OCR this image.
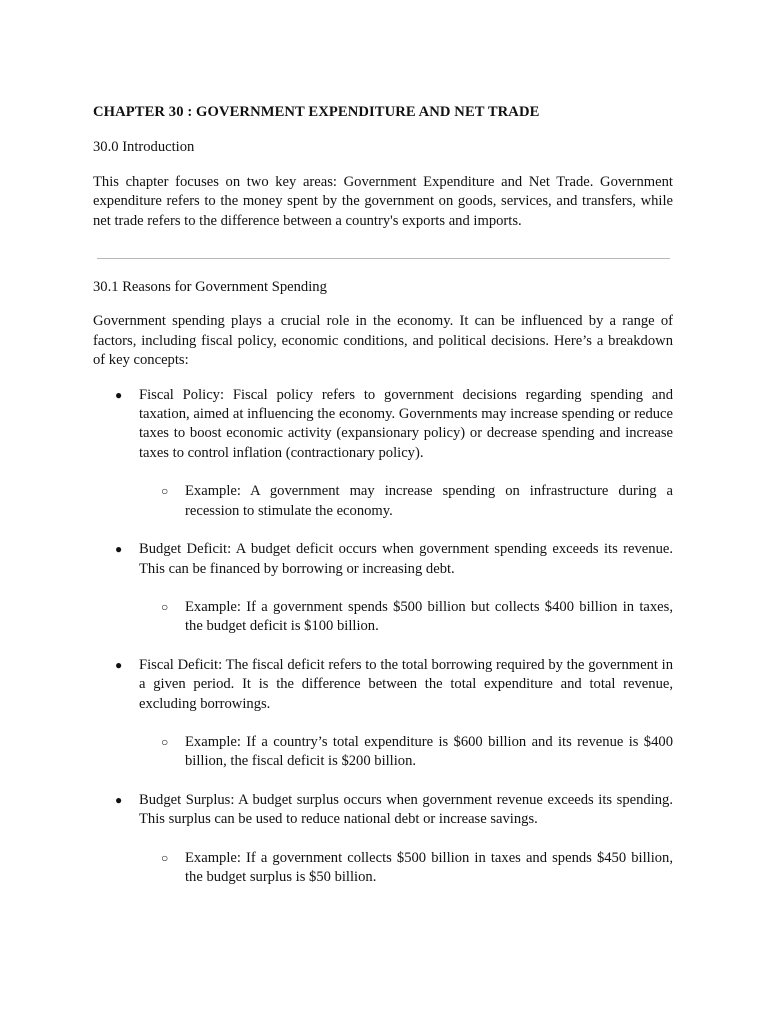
CHAPTER 30 : GOVERNMENT EXPENDITURE AND NET TRADE
30.0 Introduction

This chapter focuses on two key areas: Government Expenditure and Net Trade. Government expenditure refers to the money spent by the government on goods, services, and transfers, while net trade refers to the difference between a country's exports and imports.

30.1 Reasons for Government Spending

Government spending plays a crucial role in the economy. It can be influenced by a range of factors, including fiscal policy, economic conditions, and political decisions. Here’s a breakdown of key concepts:

● Fiscal Policy: Fiscal policy refers to government decisions regarding spending and taxation, aimed at influencing the economy. Governments may increase spending or reduce taxes to boost economic activity (expansionary policy) or decrease spending and increase taxes to control inflation (contractionary policy).
○ Example: A government may increase spending on infrastructure during a recession to stimulate the economy.
● Budget Deficit: A budget deficit occurs when government spending exceeds its revenue. This can be financed by borrowing or increasing debt.
○ Example: If a government spends $500 billion but collects $400 billion in taxes, the budget deficit is $100 billion.
● Fiscal Deficit: The fiscal deficit refers to the total borrowing required by the government in a given period. It is the difference between the total expenditure and total revenue, excluding borrowings.
○ Example: If a country’s total expenditure is $600 billion and its revenue is $400 billion, the fiscal deficit is $200 billion.
● Budget Surplus: A budget surplus occurs when government revenue exceeds its spending. This surplus can be used to reduce national debt or increase savings.
○ Example: If a government collects $500 billion in taxes and spends $450 billion, the budget surplus is $50 billion.
